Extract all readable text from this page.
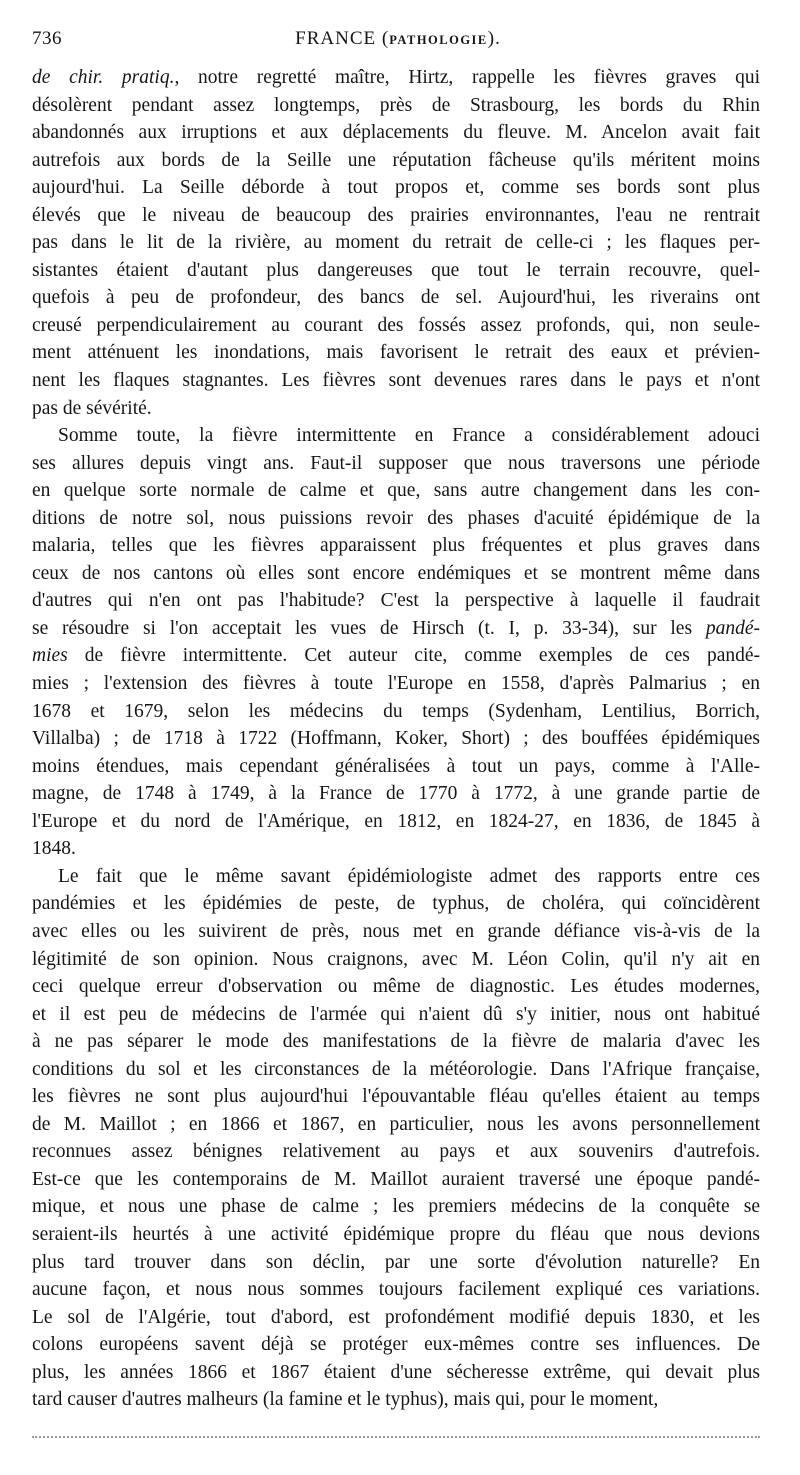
736	FRANCE (PATHOLOGIE).
de chir. pratiq., notre regretté maître, Hirtz, rappelle les fièvres graves qui
désolèrent pendant assez longtemps, près de Strasbourg, les bords du Rhin
abandonnés aux irruptions et aux déplacements du fleuve. M. Ancelon avait fait
autrefois aux bords de la Seille une réputation fâcheuse qu'ils méritent moins
aujourd'hui. La Seille déborde à tout propos et, comme ses bords sont plus
élevés que le niveau de beaucoup des prairies environnantes, l'eau ne rentrait
pas dans le lit de la rivière, au moment du retrait de celle-ci ; les flaques per-
sistantes étaient d'autant plus dangereuses que tout le terrain recouvre, quel-
quefois à peu de profondeur, des bancs de sel. Aujourd'hui, les riverains ont
creusé perpendiculairement au courant des fossés assez profonds, qui, non seule-
ment atténuent les inondations, mais favorisent le retrait des eaux et prévien-
nent les flaques stagnantes. Les fièvres sont devenues rares dans le pays et n'ont
pas de sévérité.
Somme toute, la fièvre intermittente en France a considérablement adouci
ses allures depuis vingt ans. Faut-il supposer que nous traversons une période
en quelque sorte normale de calme et que, sans autre changement dans les con-
ditions de notre sol, nous puissions revoir des phases d'acuité épidémique de la
malaria, telles que les fièvres apparaissent plus fréquentes et plus graves dans
ceux de nos cantons où elles sont encore endémiques et se montrent même dans
d'autres qui n'en ont pas l'habitude? C'est la perspective à laquelle il faudrait
se résoudre si l'on acceptait les vues de Hirsch (t. I, p. 33-34), sur les pandé-
mies de fièvre intermittente. Cet auteur cite, comme exemples de ces pandé-
mies ; l'extension des fièvres à toute l'Europe en 1558, d'après Palmarius ; en
1678 et 1679, selon les médecins du temps (Sydenham, Lentilius, Borrich,
Villalba) ; de 1718 à 1722 (Hoffmann, Koker, Short) ; des bouffées épidémiques
moins étendues, mais cependant généralisées à tout un pays, comme à l'Alle-
magne, de 1748 à 1749, à la France de 1770 à 1772, à une grande partie de
l'Europe et du nord de l'Amérique, en 1812, en 1824-27, en 1836, de 1845 à
1848.
Le fait que le même savant épidémiologiste admet des rapports entre ces
pandémies et les épidémies de peste, de typhus, de choléra, qui coïncidèrent
avec elles ou les suivirent de près, nous met en grande défiance vis-à-vis de la
légitimité de son opinion. Nous craignons, avec M. Léon Colin, qu'il n'y ait en
ceci quelque erreur d'observation ou même de diagnostic. Les études modernes,
et il est peu de médecins de l'armée qui n'aient dû s'y initier, nous ont habitué
à ne pas séparer le mode des manifestations de la fièvre de malaria d'avec les
conditions du sol et les circonstances de la météorologie. Dans l'Afrique française,
les fièvres ne sont plus aujourd'hui l'épouvantable fléau qu'elles étaient au temps
de M. Maillot ; en 1866 et 1867, en particulier, nous les avons personnellement
reconnues assez bénignes relativement au pays et aux souvenirs d'autrefois.
Est-ce que les contemporains de M. Maillot auraient traversé une époque pandé-
mique, et nous une phase de calme ; les premiers médecins de la conquête se
seraient-ils heurtés à une activité épidémique propre du fléau que nous devions
plus tard trouver dans son déclin, par une sorte d'évolution naturelle? En
aucune façon, et nous nous sommes toujours facilement expliqué ces variations.
Le sol de l'Algérie, tout d'abord, est profondément modifié depuis 1830, et les
colons européens savent déjà se protéger eux-mêmes contre ses influences. De
plus, les années 1866 et 1867 étaient d'une sécheresse extrême, qui devait plus
tard causer d'autres malheurs (la famine et le typhus), mais qui, pour le moment,
